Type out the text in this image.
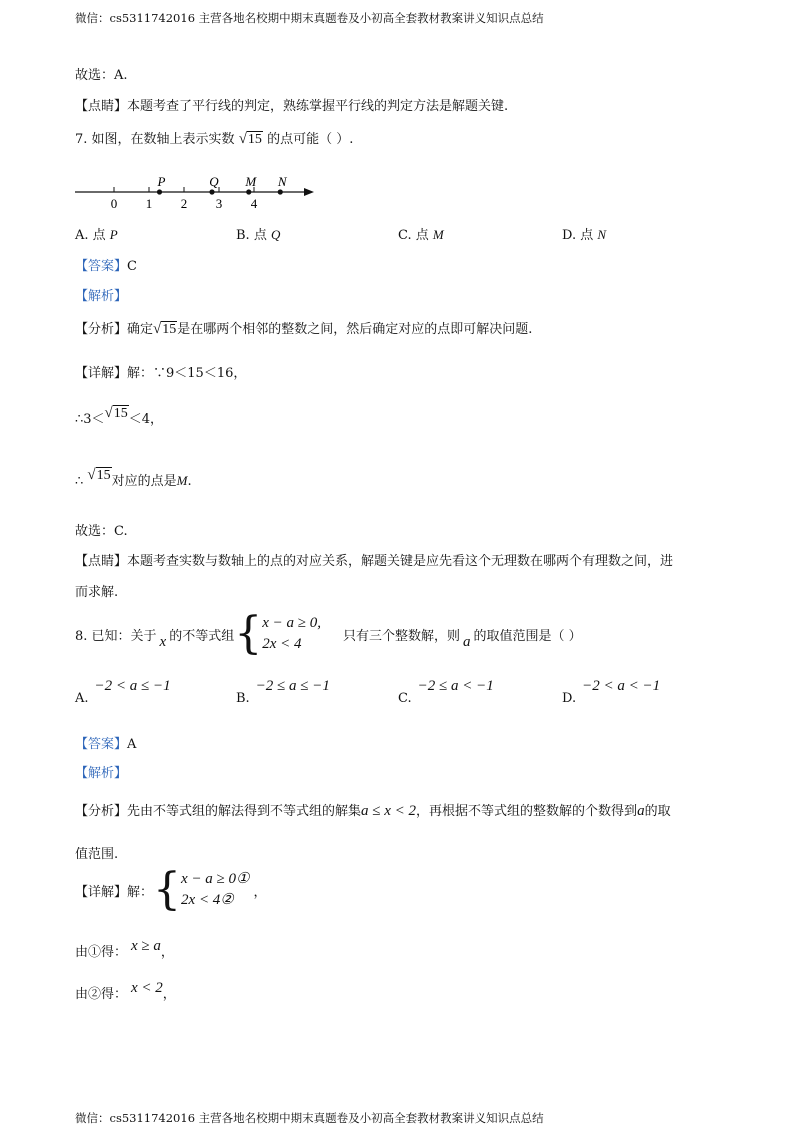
微信：cs5311742016 主营各地名校期中期末真题卷及小初高全套教材教案讲义知识点总结
故选：A.
【点睛】本题考查了平行线的判定，熟练掌握平行线的判定方法是解题关键.
7. 如图，在数轴上表示实数 √15 的点可能（ ）.
0 1 2 3 4
P	Q M N
A. 点 P	B. 点 Q	C. 点 M	D. 点 N
【答案】C
【解析】
【分析】确定√15是在哪两个相邻的整数之间，然后确定对应的点即可解决问题.
【详解】解：∵9＜15＜16，
∴3＜√15＜4，
∴ √15对应的点是M.
故选：C.
【点睛】本题考查实数与数轴上的点的对应关系，解题关键是应先看这个无理数在哪两个有理数之间，进
而求解.
8. 已知：关于 x 的不等式组 { x − a ≥ 0,
2x < 4	只有三个整数解，则 a 的取值范围是（ ）
A.−2 < a ≤ −1
B.−2 ≤ a ≤ −1
C.−2 ≤ a < −1
D.−2 < a < −1
【答案】A
【解析】
【分析】先由不等式组的解法得到不等式组的解集a ≤ x < 2，再根据不等式组的整数解的个数得到a的取
值范围.
【详解】 解： { x − a ≥ 0①
2x < 4②	，
由①得： x ≥ a，
由②得： x < 2，
微信：cs5311742016 主营各地名校期中期末真题卷及小初高全套教材教案讲义知识点总结
